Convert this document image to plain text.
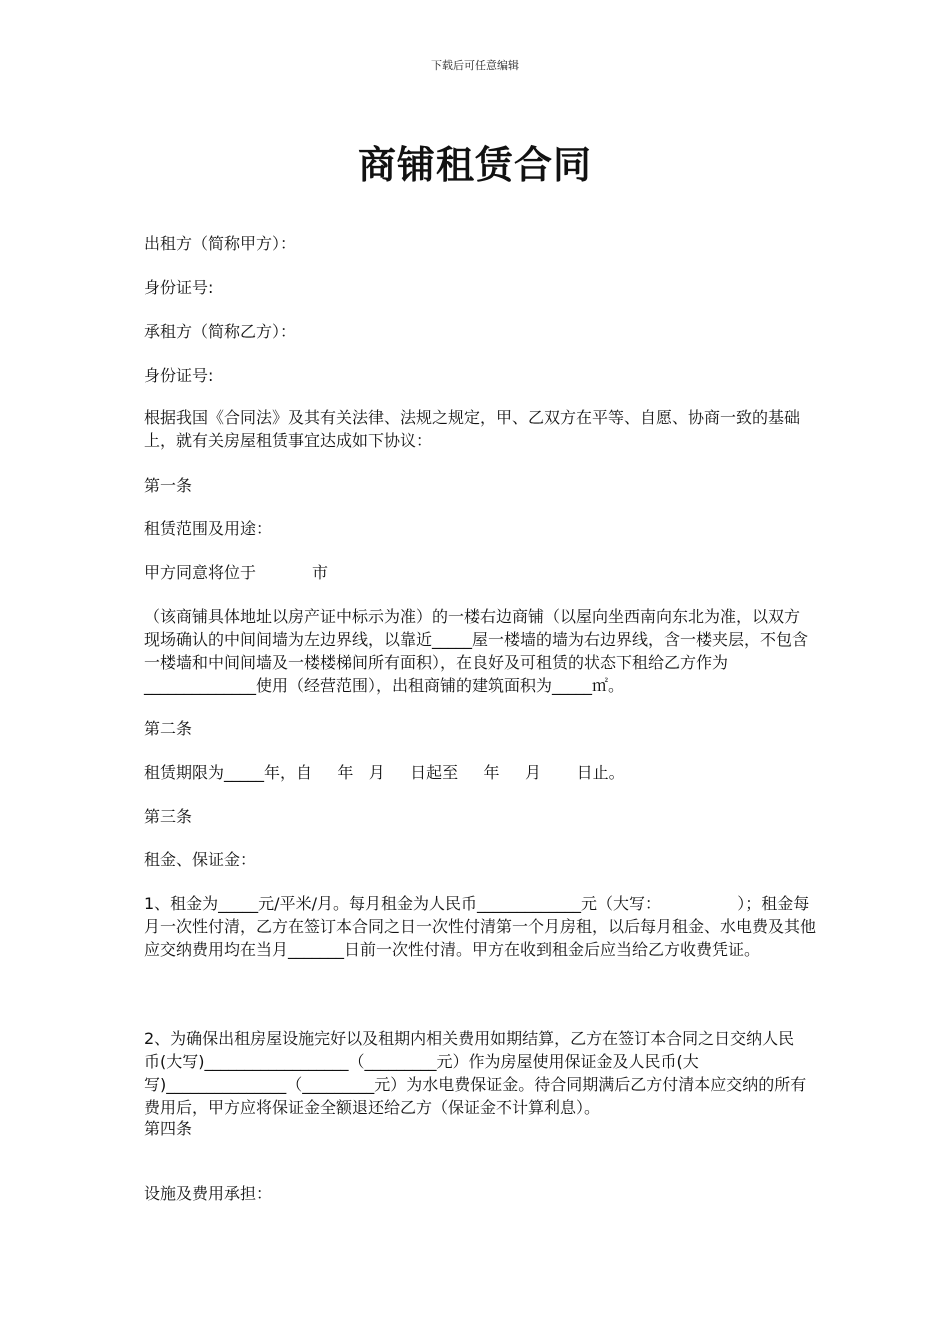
下载后可任意编辑
商铺租赁合同

出租方（简称甲方）：

身份证号:

承租方（简称乙方）：

身份证号:

根据我国《合同法》及其有关法律、法规之规定，甲、乙双方在平等、自愿、协商一致的基础上，就有关房屋租赁事宜达成如下协议：

第一条

租赁范围及用途：

甲方同意将位于           市

（该商铺具体地址以房产证中标示为准）的一楼右边商铺（以屋向坐西南向东北为准，以双方现场确认的中间间墙为左边界线，以靠近_____屋一楼墙的墙为右边界线，含一楼夹层，不包含一楼墙和中间间墙及一楼楼梯间所有面积），在良好及可租赁的状态下租给乙方作为______________使用（经营范围），出租商铺的建筑面积为_____㎡。

第二条

租赁期限为_____年，自     年   月     日起至     年     月       日止。

第三条

租金、保证金：

1、租金为_____元/平米/月。每月租金为人民币_____________元（大写：               ）；租金每月一次性付清，乙方在签订本合同之日一次性付清第一个月房租，以后每月租金、水电费及其他应交纳费用均在当月_______日前一次性付清。甲方在收到租金后应当给乙方收费凭证。

2、为确保出租房屋设施完好以及租期内相关费用如期结算，乙方在签订本合同之日交纳人民币(大写)__________________（_________元）作为房屋使用保证金及人民币(大写)_______________（_________元）为水电费保证金。待合同期满后乙方付清本应交纳的所有费用后，甲方应将保证金全额退还给乙方（保证金不计算利息）。

第四条

设施及费用承担：
